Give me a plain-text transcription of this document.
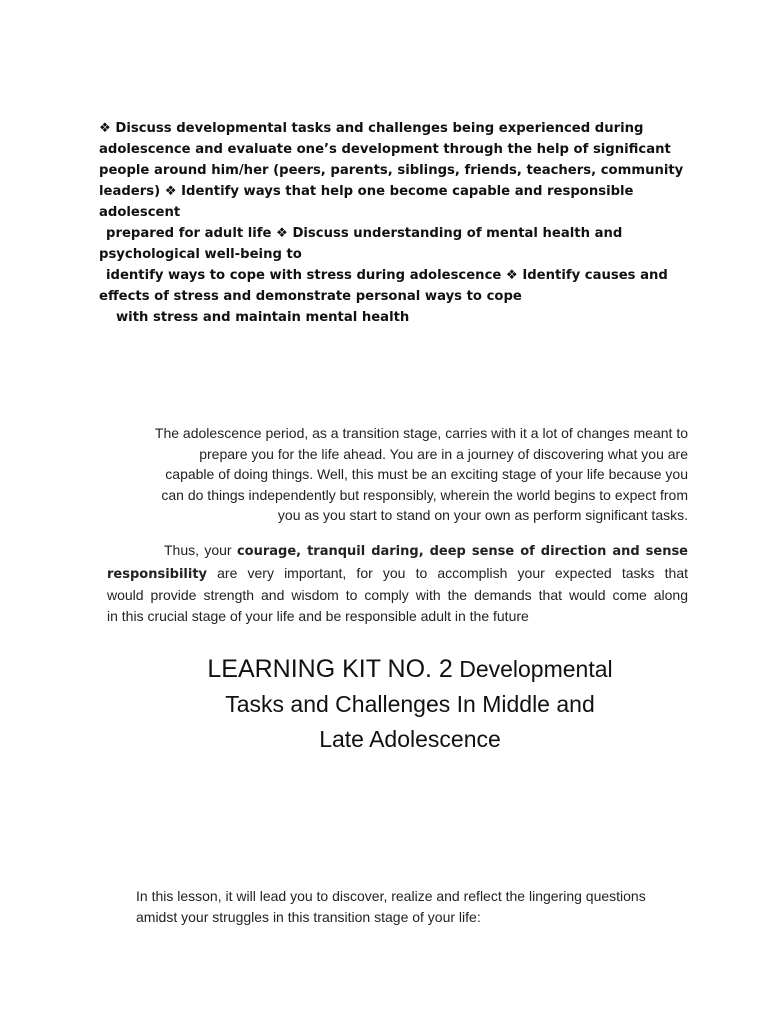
❖ Discuss developmental tasks and challenges being experienced during
adolescence and evaluate one’s development through the help of significant
people around him/her (peers, parents, siblings, friends, teachers, community
leaders) ❖ Identify ways that help one become capable and responsible
adolescent
prepared for adult life ❖ Discuss understanding of mental health and
psychological well-being to
identify ways to cope with stress during adolescence ❖ Identify causes and
effects of stress and demonstrate personal ways to cope
with stress and maintain mental health
The adolescence period, as a transition stage, carries with it a lot of changes meant to
prepare you for the life ahead. You are in a journey of discovering what you are
capable of doing things. Well, this must be an exciting stage of your life because you
can do things independently but responsibly, wherein the world begins to expect from
you as you start to stand on your own as perform significant tasks.
Thus, your courage, tranquil daring, deep sense of direction and sense
responsibility are very important, for you to accomplish your expected tasks that
would provide strength and wisdom to comply with the demands that would come along
in this crucial stage of your life and be responsible adult in the future
LEARNING KIT NO. 2 Developmental
Tasks and Challenges In Middle and
Late Adolescence
In this lesson, it will lead you to discover, realize and reflect the lingering questions
amidst your struggles in this transition stage of your life:
